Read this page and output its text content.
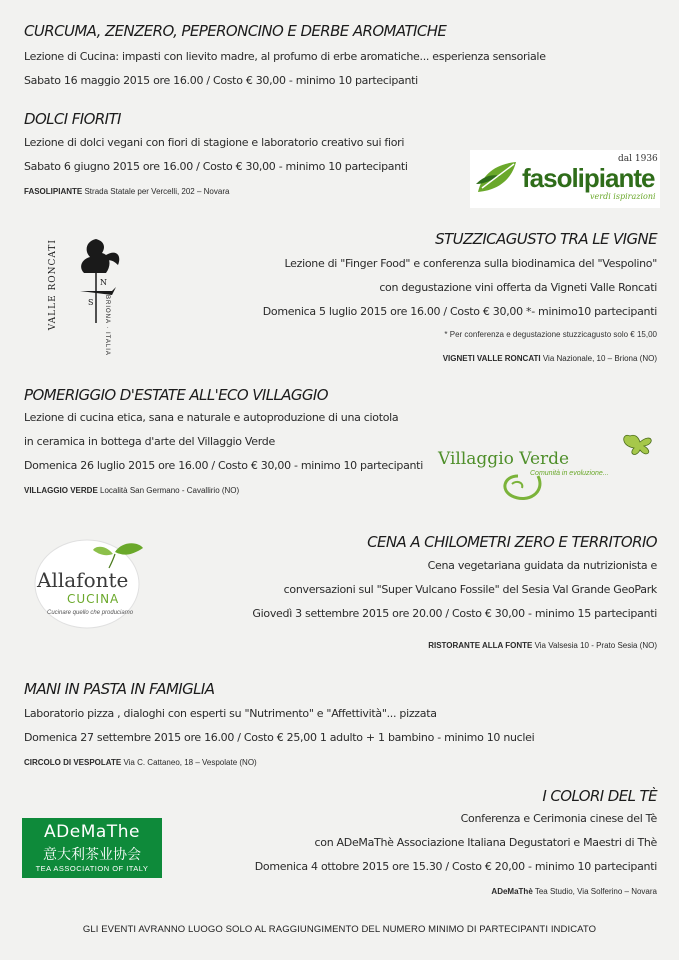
CURCUMA, ZENZERO, PEPERONCINO E DERBE AROMATICHE
Lezione di Cucina: impasti con lievito madre, al profumo di erbe aromatiche... esperienza sensoriale
Sabato 16 maggio 2015 ore 16.00 / Costo € 30,00 - minimo 10 partecipanti
DOLCI FIORITI
Lezione di dolci vegani con fiori di stagione e laboratorio creativo sui fiori
Sabato 6 giugno 2015 ore 16.00 / Costo € 30,00 - minimo 10 partecipanti
FASOLIPIANTE Strada Statale per Vercelli, 202 – Novara	fasolipiante
dal 1936
verdi ispirazioni
STUZZICAGUSTO TRA LE VIGNE
Lezione di "Finger Food" e conferenza sulla biodinamica del "Vespolino"
con degustazione vini offerta da Vigneti Valle Roncati
Domenica 5 luglio 2015 ore 16.00 / Costo € 30,00 *- minimo10 partecipanti
* Per conferenza e degustazione stuzzicagusto solo € 15,00
VIGNETI VALLE RONCATI Via Nazionale, 10 – Briona (NO)
VALLE RONCATI	S
N
BRIONA · ITALIA
POMERIGGIO D'ESTATE ALL'ECO VILLAGGIO
Lezione di cucina etica, sana e naturale e autoproduzione di una ciotola
in ceramica in bottega d'arte del Villaggio Verde
Domenica 26 luglio 2015 ore 16.00 / Costo € 30,00 - minimo 10 partecipanti
VILLAGGIO VERDE Località San Germano - Cavallirio (NO)
Villaggio Verde
Comunità in evoluzione...
CENA A CHILOMETRI ZERO E TERRITORIO
Cena vegetariana guidata da nutrizionista e
conversazioni sul "Super Vulcano Fossile" del Sesia Val Grande GeoPark
Giovedì 3 settembre 2015 ore 20.00 / Costo € 30,00 - minimo 15 partecipanti
RISTORANTE ALLA FONTE Via Valsesia 10 - Prato Sesia (NO)
Allafonte
CUCINA
Cucinare quello che produciamo
MANI IN PASTA IN FAMIGLIA
Laboratorio pizza , dialoghi con esperti su "Nutrimento" e "Affettività"... pizzata
Domenica 27 settembre 2015 ore 16.00 / Costo € 25,00 1 adulto + 1 bambino - minimo 10 nuclei
CIRCOLO DI VESPOLATE Via C. Cattaneo, 18 – Vespolate (NO)
I COLORI DEL TÈ
Conferenza e Cerimonia cinese del Tè
con ADeMaThè Associazione Italiana Degustatori e Maestri di Thè
Domenica 4 ottobre 2015 ore 15.30 / Costo € 20,00 - minimo 10 partecipanti
ADeMaThè Tea Studio, Via Solferino – Novara
ADeMaThe
意大利茶业协会
TEA ASSOCIATION OF ITALY
GLI EVENTI AVRANNO LUOGO SOLO AL RAGGIUNGIMENTO DEL NUMERO MINIMO DI PARTECIPANTI INDICATO
